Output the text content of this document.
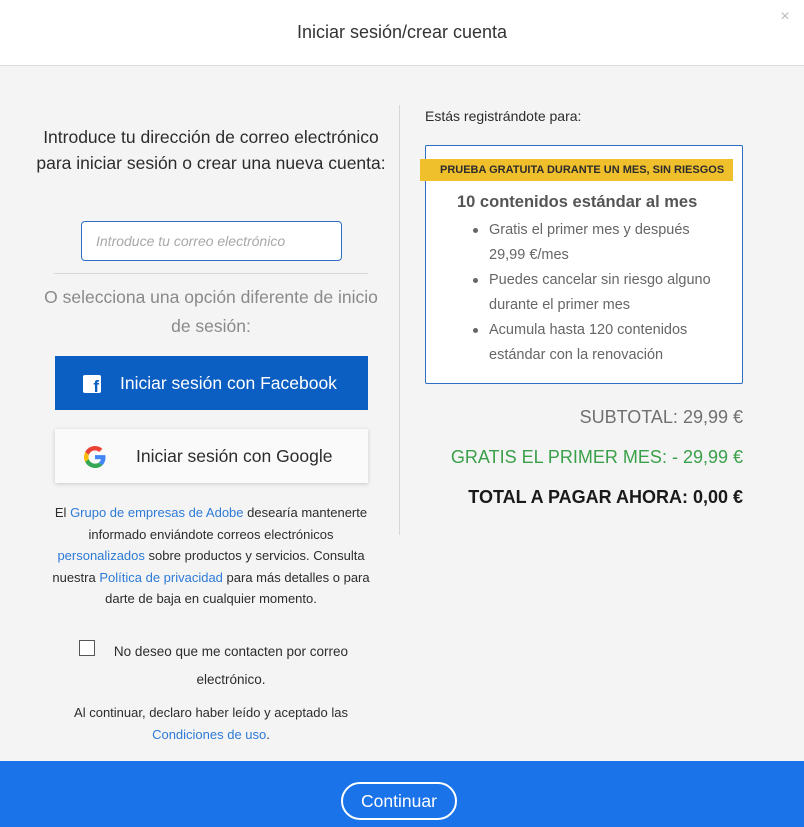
Iniciar sesión/crear cuenta
×
Introduce tu dirección de correo electrónico para iniciar sesión o crear una nueva cuenta:
Introduce tu correo electrónico
O selecciona una opción diferente de inicio de sesión:
f Iniciar sesión con Facebook
Iniciar sesión con Google
El Grupo de empresas de Adobe desearía mantenerte informado enviándote correos electrónicos personalizados sobre productos y servicios. Consulta nuestra Política de privacidad para más detalles o para darte de baja en cualquier momento.
No deseo que me contacten por correo electrónico.
Al continuar, declaro haber leído y aceptado las
Condiciones de uso.
Estás registrándote para:
PRUEBA GRATUITA DURANTE UN MES, SIN RIESGOS
10 contenidos estándar al mes
Gratis el primer mes y después 29,99 €/mes
Puedes cancelar sin riesgo alguno durante el primer mes
Acumula hasta 120 contenidos estándar con la renovación
SUBTOTAL: 29,99 €
GRATIS EL PRIMER MES: - 29,99 €
TOTAL A PAGAR AHORA: 0,00 €
Continuar
